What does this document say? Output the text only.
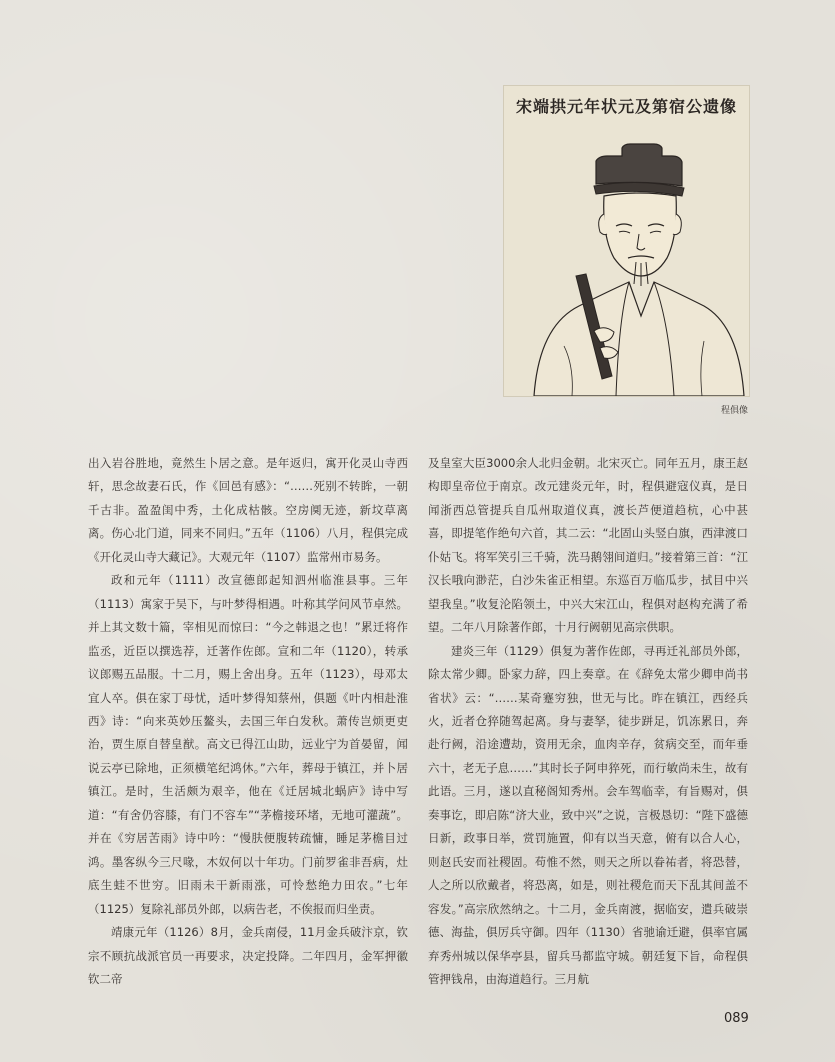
宋端拱元年状元及第宿公遗像
程俱像

出入岩谷胜地，竟然生卜居之意。是年返归，寓开化灵山寺西轩，思念故妻石氏，作《回邑有感》：“……死别不转眸，一朝千古非。盈盈闺中秀，土化成枯骸。空房阒无迹，新坟草离离。伤心北门道，同来不同归。”五年（1106）八月，程俱完成《开化灵山寺大藏记》。大观元年（1107）监常州市易务。

政和元年（1111）改宣德郎起知泗州临淮县事。三年（1113）寓家于吴下，与叶梦得相遇。叶称其学问风节卓然。并上其文数十篇，宰相见而惊曰：“今之韩退之也！”累迁将作监丞，近臣以撰选荐，迁著作佐郎。宣和二年（1120），转承议郎赐五品服。十二月，赐上舍出身。五年（1123），母邓太宜人卒。俱在家丁母忧，适叶梦得知蔡州，俱题《叶内相赴淮西》诗：“向来英妙压鳌头，去国三年白发秋。萧传岂烦更吏治，贾生原自替皇猷。高文已得江山助，远业宁为首晏留，闻说云亭已除地，正须横笔纪鸿休。”六年，葬母于镇江，并卜居镇江。是时，生活颇为艰辛，他在《迁居城北蜗庐》诗中写道：“有舍仍容膝，有门不容车”“茅檐接环堵，无地可灌蔬”。并在《穷居苦雨》诗中吟：“慢肤便腹转疏慵，睡足茅檐目过鸿。墨客纵今三尺喙，木奴何以十年功。门前罗雀非吾病，灶底生蛙不世穷。旧雨未干新雨涨，可怜愁绝力田农。”七年（1125）复除礼部员外郎，以病告老，不俟报而归坐责。

靖康元年（1126）8月，金兵南侵，11月金兵破汴京，钦宗不顾抗战派官员一再要求，决定投降。二年四月，金军押徽钦二帝

及皇室大臣3000余人北归金朝。北宋灭亡。同年五月，康王赵构即皇帝位于南京。改元建炎元年，时，程俱避寇仪真，是日闻浙西总管提兵自瓜州取道仪真，渡长芦便道趋杭，心中甚喜，即提笔作绝句六首，其二云：“北固山头竖白旗，西津渡口仆姑飞。将军笑引三千骑，洗马鹅翎间道归。”接着第三首：“江汉长哦向渺茫，白沙朱雀正相望。东巡百万临瓜步，拭目中兴望我皇。”收复沦陷领土，中兴大宋江山，程俱对赵构充满了希望。二年八月除著作郎，十月行阙朝见高宗供职。

建炎三年（1129）俱复为著作佐郎，寻再迁礼部员外郎，除太常少卿。卧家力辞，四上奏章。在《辞免太常少卿申尚书省状》云：“……某奇蹇穷独，世无与比。昨在镇江，西经兵火，近者仓猝随驾起离。身与妻孥，徒步跰足，饥冻累日，奔赴行阙，沿途遭劫，资用无余，血肉辛存，贫病交至，而年垂六十，老无子息……”其时长子阿申猝死，而行敏尚未生，故有此语。三月，遂以直秘阁知秀州。会车驾临幸，有旨赐对，俱奏事讫，即启陈“济大业，致中兴”之说，言极恳切：“陛下盛德日新，政事日举，赏罚施置，仰有以当天意，俯有以合人心，则赵氏安而社稷固。苟惟不然，则天之所以眷祐者，将恐替，人之所以欣戴者，将恐离，如是，则社稷危而天下乱其间盖不容发。”高宗欣然纳之。十二月，金兵南渡，据临安，遣兵破崇德、海盐，俱厉兵守御。四年（1130）省驰谕迁避，俱率官属弃秀州城以保华亭县，留兵马都监守城。朝廷复下旨，命程俱管押钱帛，由海道趋行。三月航

089
